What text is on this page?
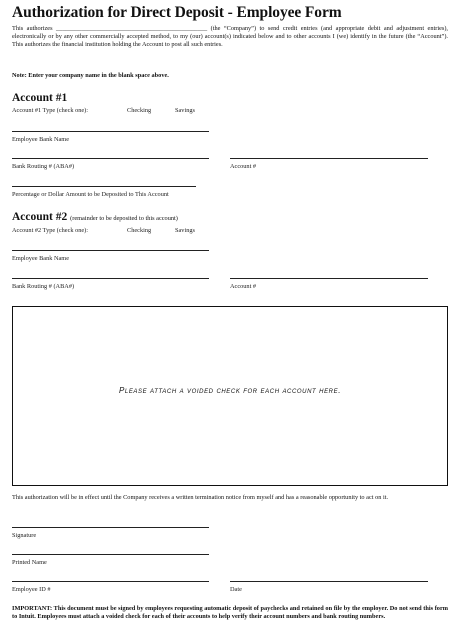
Authorization for Direct Deposit - Employee Form
This authorizes ________________________________________________ (the “Company”) to send credit entries (and appropriate debit and adjustment entries), electronically or by any other commercially accepted method, to my (our) account(s) indicated below and to other accounts I (we) identify in the future (the “Account”). This authorizes the financial institution holding the Account to post all such entries.
Note: Enter your company name in the blank space above.
Account #1
Account #1 Type (check one):	Checking	Savings
Employee Bank Name
Bank Routing # (ABA#)	Account #
Percentage or Dollar Amount to be Deposited to This Account
Account #2 (remainder to be deposited to this account)
Account #2 Type (check one):	Checking	Savings
Employee Bank Name
Bank Routing # (ABA#)	Account #
Please attach a voided check for each account here.
This authorization will be in effect until the Company receives a written termination notice from myself and has a reasonable opportunity to act on it.
Signature
Printed Name
Employee ID #	Date
IMPORTANT: This document must be signed by employees requesting automatic deposit of paychecks and retained on file by the employer. Do not send this form to Intuit. Employees must attach a voided check for each of their accounts to help verify their account numbers and bank routing numbers.
